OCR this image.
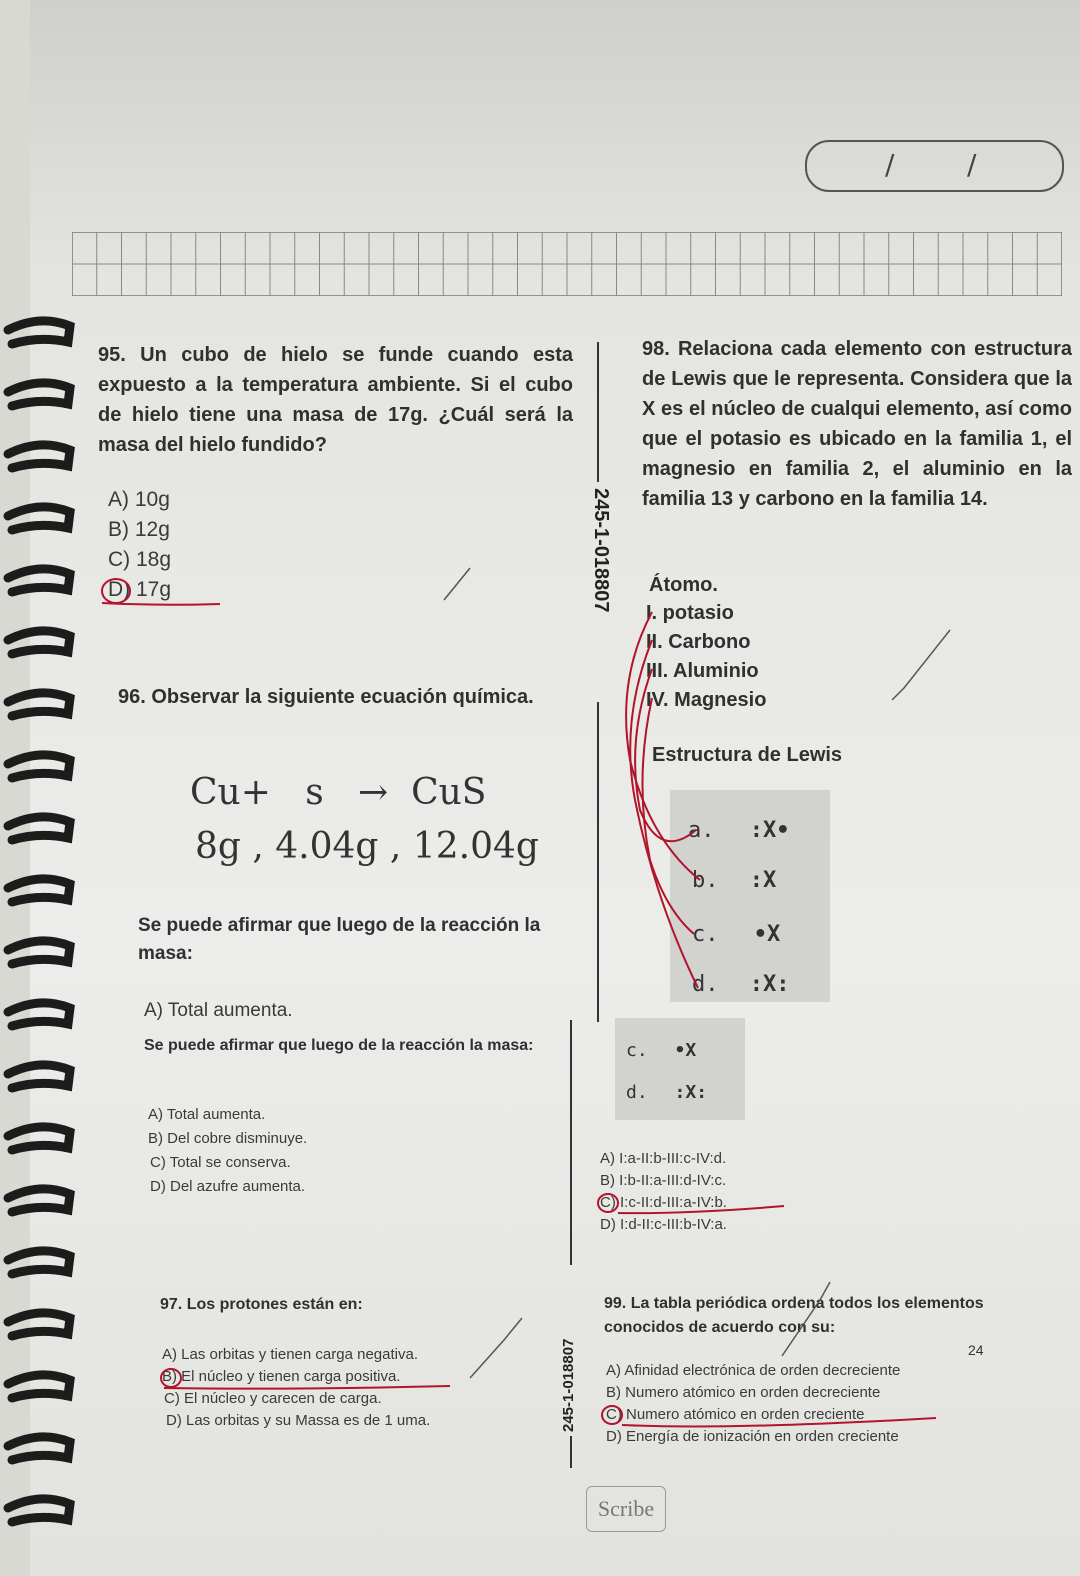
/	/
95. Un cubo de hielo se funde cuando esta expuesto a la temperatura ambiente. Si el cubo de hielo tiene una masa de 17g. ¿Cuál será la masa del hielo fundido?
A) 10g
B) 12g
C) 18g
D) 17g
96. Observar la siguiente ecuación química.
Cu+   s   →  CuS
8g , 4.04g , 12.04g
Se puede afirmar que luego de la reacción la masa:
A) Total aumenta.
Se puede afirmar que luego de la reacción la masa:
A) Total aumenta.
B) Del cobre disminuye.
C) Total se conserva.
D) Del azufre aumenta.
97. Los protones están en:
A) Las orbitas y tienen carga negativa.
B) El núcleo y tienen carga positiva.
C) El núcleo y carecen de carga.
D) Las orbitas y su Massa es de 1 uma.
245-1-018807
245-1-018807
98. Relaciona cada elemento con estructura de Lewis que le representa. Considera que la X es el núcleo de cualqui elemento, así como que el potasio es ubicado en la familia 1, el magnesio en familia 2, el aluminio en la familia 13 y carbono en la familia 14.
Átomo.
I. potasio
II. Carbono
III. Aluminio
IV. Magnesio
Estructura de Lewis
a. :X•
b. :X
c. •X
d. :X:
c. •X
d. :X:
A) I:a-II:b-III:c-IV:d.
B) I:b-II:a-III:d-IV:c.
C) I:c-II:d-III:a-IV:b.
D) I:d-II:c-III:b-IV:a.
99. La tabla periódica ordena todos los elementos conocidos de acuerdo con su:
24
A) Afinidad electrónica de orden decreciente
B) Numero atómico en orden decreciente
C) Numero atómico en orden creciente
D) Energía de ionización en orden creciente
Scribe
